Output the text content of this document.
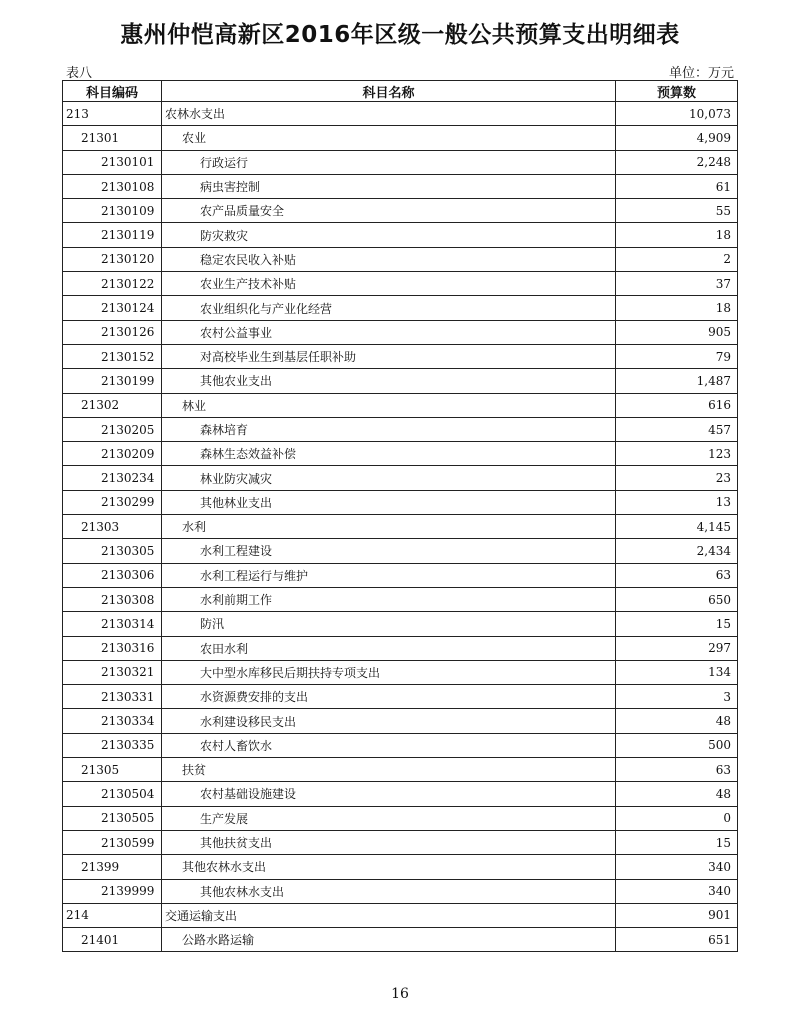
惠州仲恺高新区2016年区级一般公共预算支出明细表
表八	单位：万元
科目编码	科目名称	预算数
213	农林水支出	10,073
21301	农业	4,909
2130101	行政运行	2,248
2130108	病虫害控制	61
2130109	农产品质量安全	55
2130119	防灾救灾	18
2130120	稳定农民收入补贴	2
2130122	农业生产技术补贴	37
2130124	农业组织化与产业化经营	18
2130126	农村公益事业	905
2130152	对高校毕业生到基层任职补助	79
2130199	其他农业支出	1,487
21302	林业	616
2130205	森林培育	457
2130209	森林生态效益补偿	123
2130234	林业防灾减灾	23
2130299	其他林业支出	13
21303	水利	4,145
2130305	水利工程建设	2,434
2130306	水利工程运行与维护	63
2130308	水利前期工作	650
2130314	防汛	15
2130316	农田水利	297
2130321	大中型水库移民后期扶持专项支出	134
2130331	水资源费安排的支出	3
2130334	水利建设移民支出	48
2130335	农村人畜饮水	500
21305	扶贫	63
2130504	农村基础设施建设	48
2130505	生产发展	0
2130599	其他扶贫支出	15
21399	其他农林水支出	340
2139999	其他农林水支出	340
214	交通运输支出	901
21401	公路水路运输	651
16
